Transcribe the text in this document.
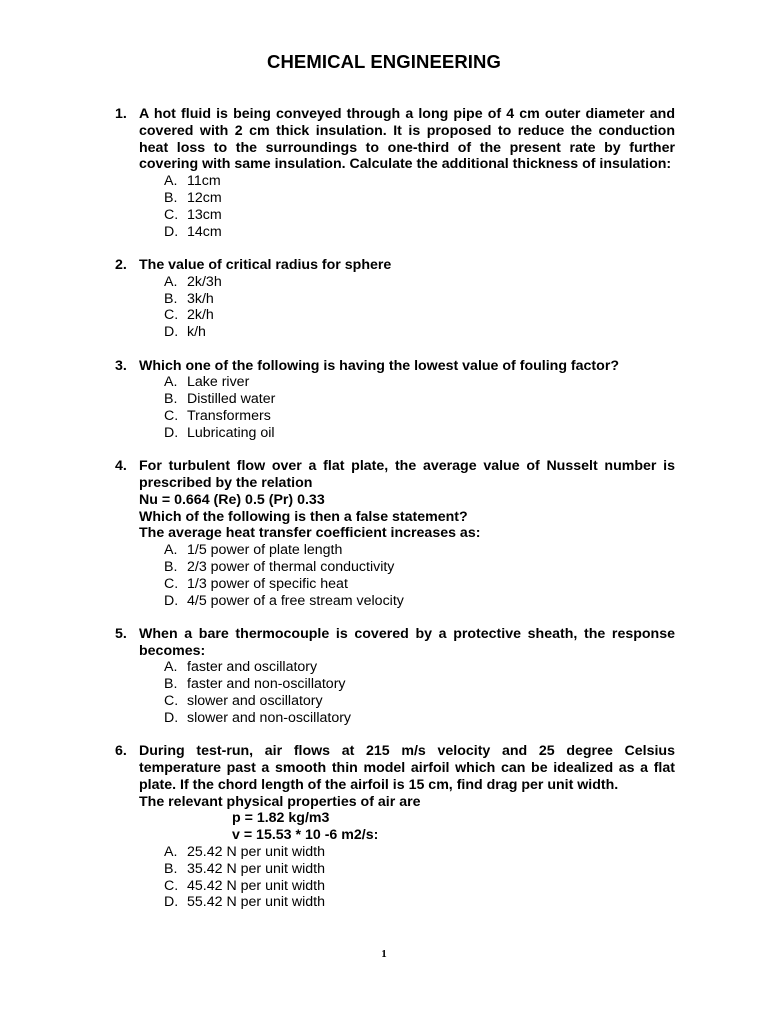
CHEMICAL ENGINEERING
1. A hot fluid is being conveyed through a long pipe of 4 cm outer diameter and covered with 2 cm thick insulation. It is proposed to reduce the conduction heat loss to the surroundings to one-third of the present rate by further covering with same insulation. Calculate the additional thickness of insulation:
A. 11cm
B. 12cm
C. 13cm
D. 14cm
2. The value of critical radius for sphere
A. 2k/3h
B. 3k/h
C. 2k/h
D. k/h
3. Which one of the following is having the lowest value of fouling factor?
A. Lake river
B. Distilled water
C. Transformers
D. Lubricating oil
4. For turbulent flow over a flat plate, the average value of Nusselt number is prescribed by the relation
Nu = 0.664 (Re) 0.5 (Pr) 0.33
Which of the following is then a false statement?
The average heat transfer coefficient increases as:
A. 1/5 power of plate length
B. 2/3 power of thermal conductivity
C. 1/3 power of specific heat
D. 4/5 power of a free stream velocity
5. When a bare thermocouple is covered by a protective sheath, the response becomes:
A. faster and oscillatory
B. faster and non-oscillatory
C. slower and oscillatory
D. slower and non-oscillatory
6. During test-run, air flows at 215 m/s velocity and 25 degree Celsius temperature past a smooth thin model airfoil which can be idealized as a flat plate. If the chord length of the airfoil is 15 cm, find drag per unit width.
The relevant physical properties of air are
p = 1.82 kg/m3
v = 15.53 * 10 -6 m2/s:
A. 25.42 N per unit width
B. 35.42 N per unit width
C. 45.42 N per unit width
D. 55.42 N per unit width
1
